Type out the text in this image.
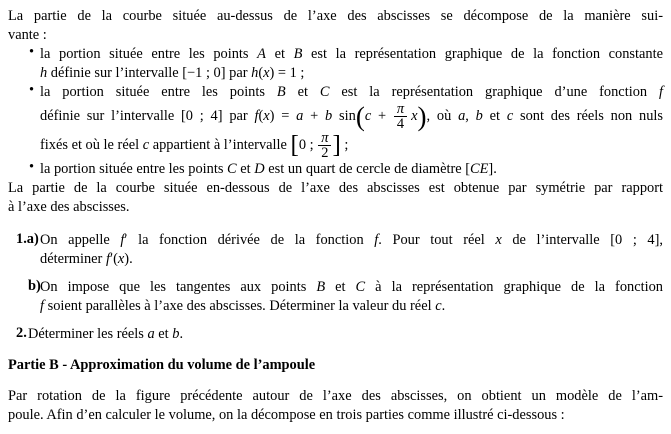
La partie de la courbe située au-dessus de l’axe des abscisses se décompose de la manière sui-
vante :
• la portion située entre les points A et B est la représentation graphique de la fonction constante
h définie sur l’intervalle [−1 ; 0] par h(x) = 1 ;
• la portion située entre les points B et C est la représentation graphique d’une fonction f
définie sur l’intervalle [0 ; 4] par f(x) = a + b $\sin(c + \frac{\pi}{4} x)$, où a, b et c sont des réels non nuls
fixés et où le réel c appartient à l’intervalle [0 ; $\frac{\pi}{2}$ ] ;
• la portion située entre les points C et D est un quart de cercle de diamètre [CE].
La partie de la courbe située en-dessous de l’axe des abscisses est obtenue par symétrie par rapport
à l’axe des abscisses.
1.a) On appelle f′ la fonction dérivée de la fonction f. Pour tout réel x de l’intervalle [0 ; 4],
déterminer f′(x).
b) On impose que les tangentes aux points B et C à la représentation graphique de la fonction
f soient parallèles à l’axe des abscisses. Déterminer la valeur du réel c.
2. Déterminer les réels a et b.
Partie B - Approximation du volume de l’ampoule
Par rotation de la figure précédente autour de l’axe des abscisses, on obtient un modèle de l’am-
poule. Afin d’en calculer le volume, on la décompose en trois parties comme illustré ci-dessous :
